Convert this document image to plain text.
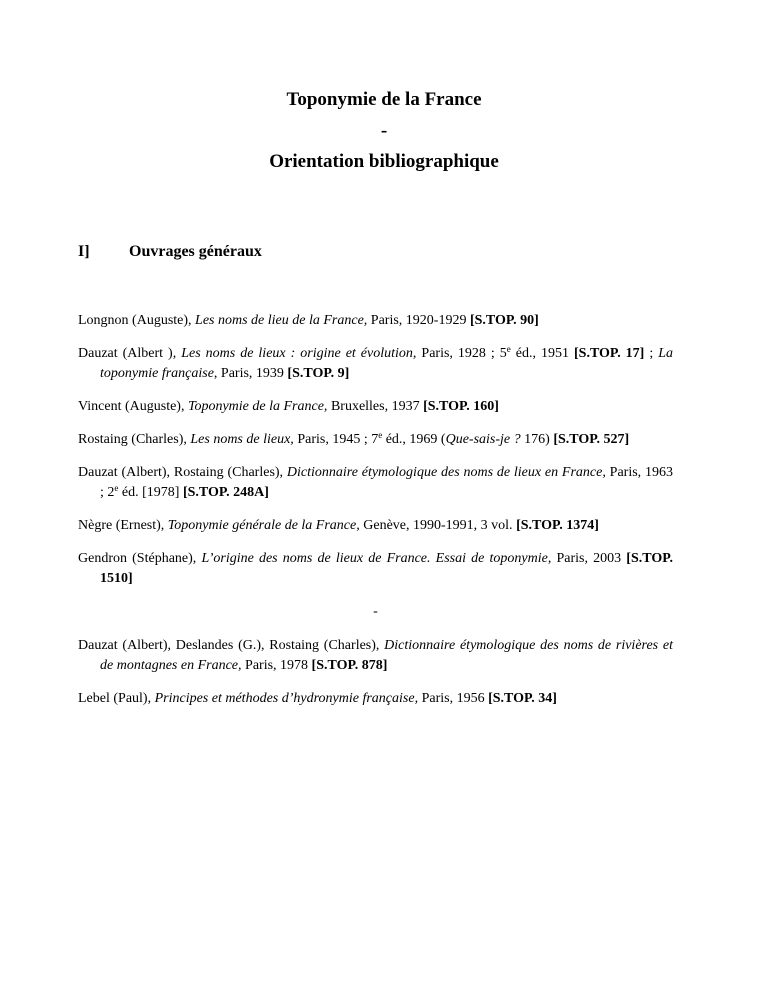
Toponymie de la France
-
Orientation bibliographique
I] Ouvrages généraux

Longnon (Auguste), Les noms de lieu de la France, Paris, 1920-1929 [S.TOP. 90]

Dauzat (Albert ), Les noms de lieux : origine et évolution, Paris, 1928 ; 5e éd., 1951 [S.TOP. 17] ; La toponymie française, Paris, 1939 [S.TOP. 9]

Vincent (Auguste), Toponymie de la France, Bruxelles, 1937 [S.TOP. 160]

Rostaing (Charles), Les noms de lieux, Paris, 1945 ; 7e éd., 1969 (Que-sais-je ? 176) [S.TOP. 527]

Dauzat (Albert), Rostaing (Charles), Dictionnaire étymologique des noms de lieux en France, Paris, 1963 ; 2e éd. [1978] [S.TOP. 248A]

Nègre (Ernest), Toponymie générale de la France, Genève, 1990-1991, 3 vol. [S.TOP. 1374]

Gendron (Stéphane), L’origine des noms de lieux de France. Essai de toponymie, Paris, 2003 [S.TOP. 1510]

-

Dauzat (Albert), Deslandes (G.), Rostaing (Charles), Dictionnaire étymologique des noms de rivières et de montagnes en France, Paris, 1978 [S.TOP. 878]

Lebel (Paul), Principes et méthodes d’hydronymie française, Paris, 1956 [S.TOP. 34]
